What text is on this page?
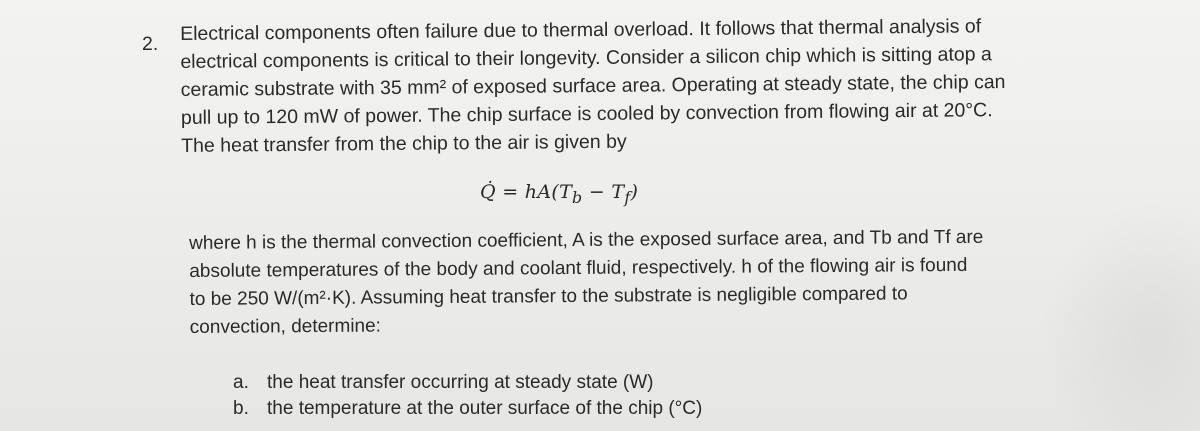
2. Electrical components often failure due to thermal overload. It follows that thermal analysis of
electrical components is critical to their longevity. Consider a silicon chip which is sitting atop a
ceramic substrate with 35 mm² of exposed surface area. Operating at steady state, the chip can
pull up to 120 mW of power. The chip surface is cooled by convection from flowing air at 20°C.
The heat transfer from the chip to the air is given by
Q̇ = $hA(T_b - T_f)$
where h is the thermal convection coefficient, A is the exposed surface area, and Tb and Tf are
absolute temperatures of the body and coolant fluid, respectively. h of the flowing air is found
to be 250 W/(m²·K). Assuming heat transfer to the substrate is negligible compared to
convection, determine:
a. the heat transfer occurring at steady state (W)
b. the temperature at the outer surface of the chip (°C)
